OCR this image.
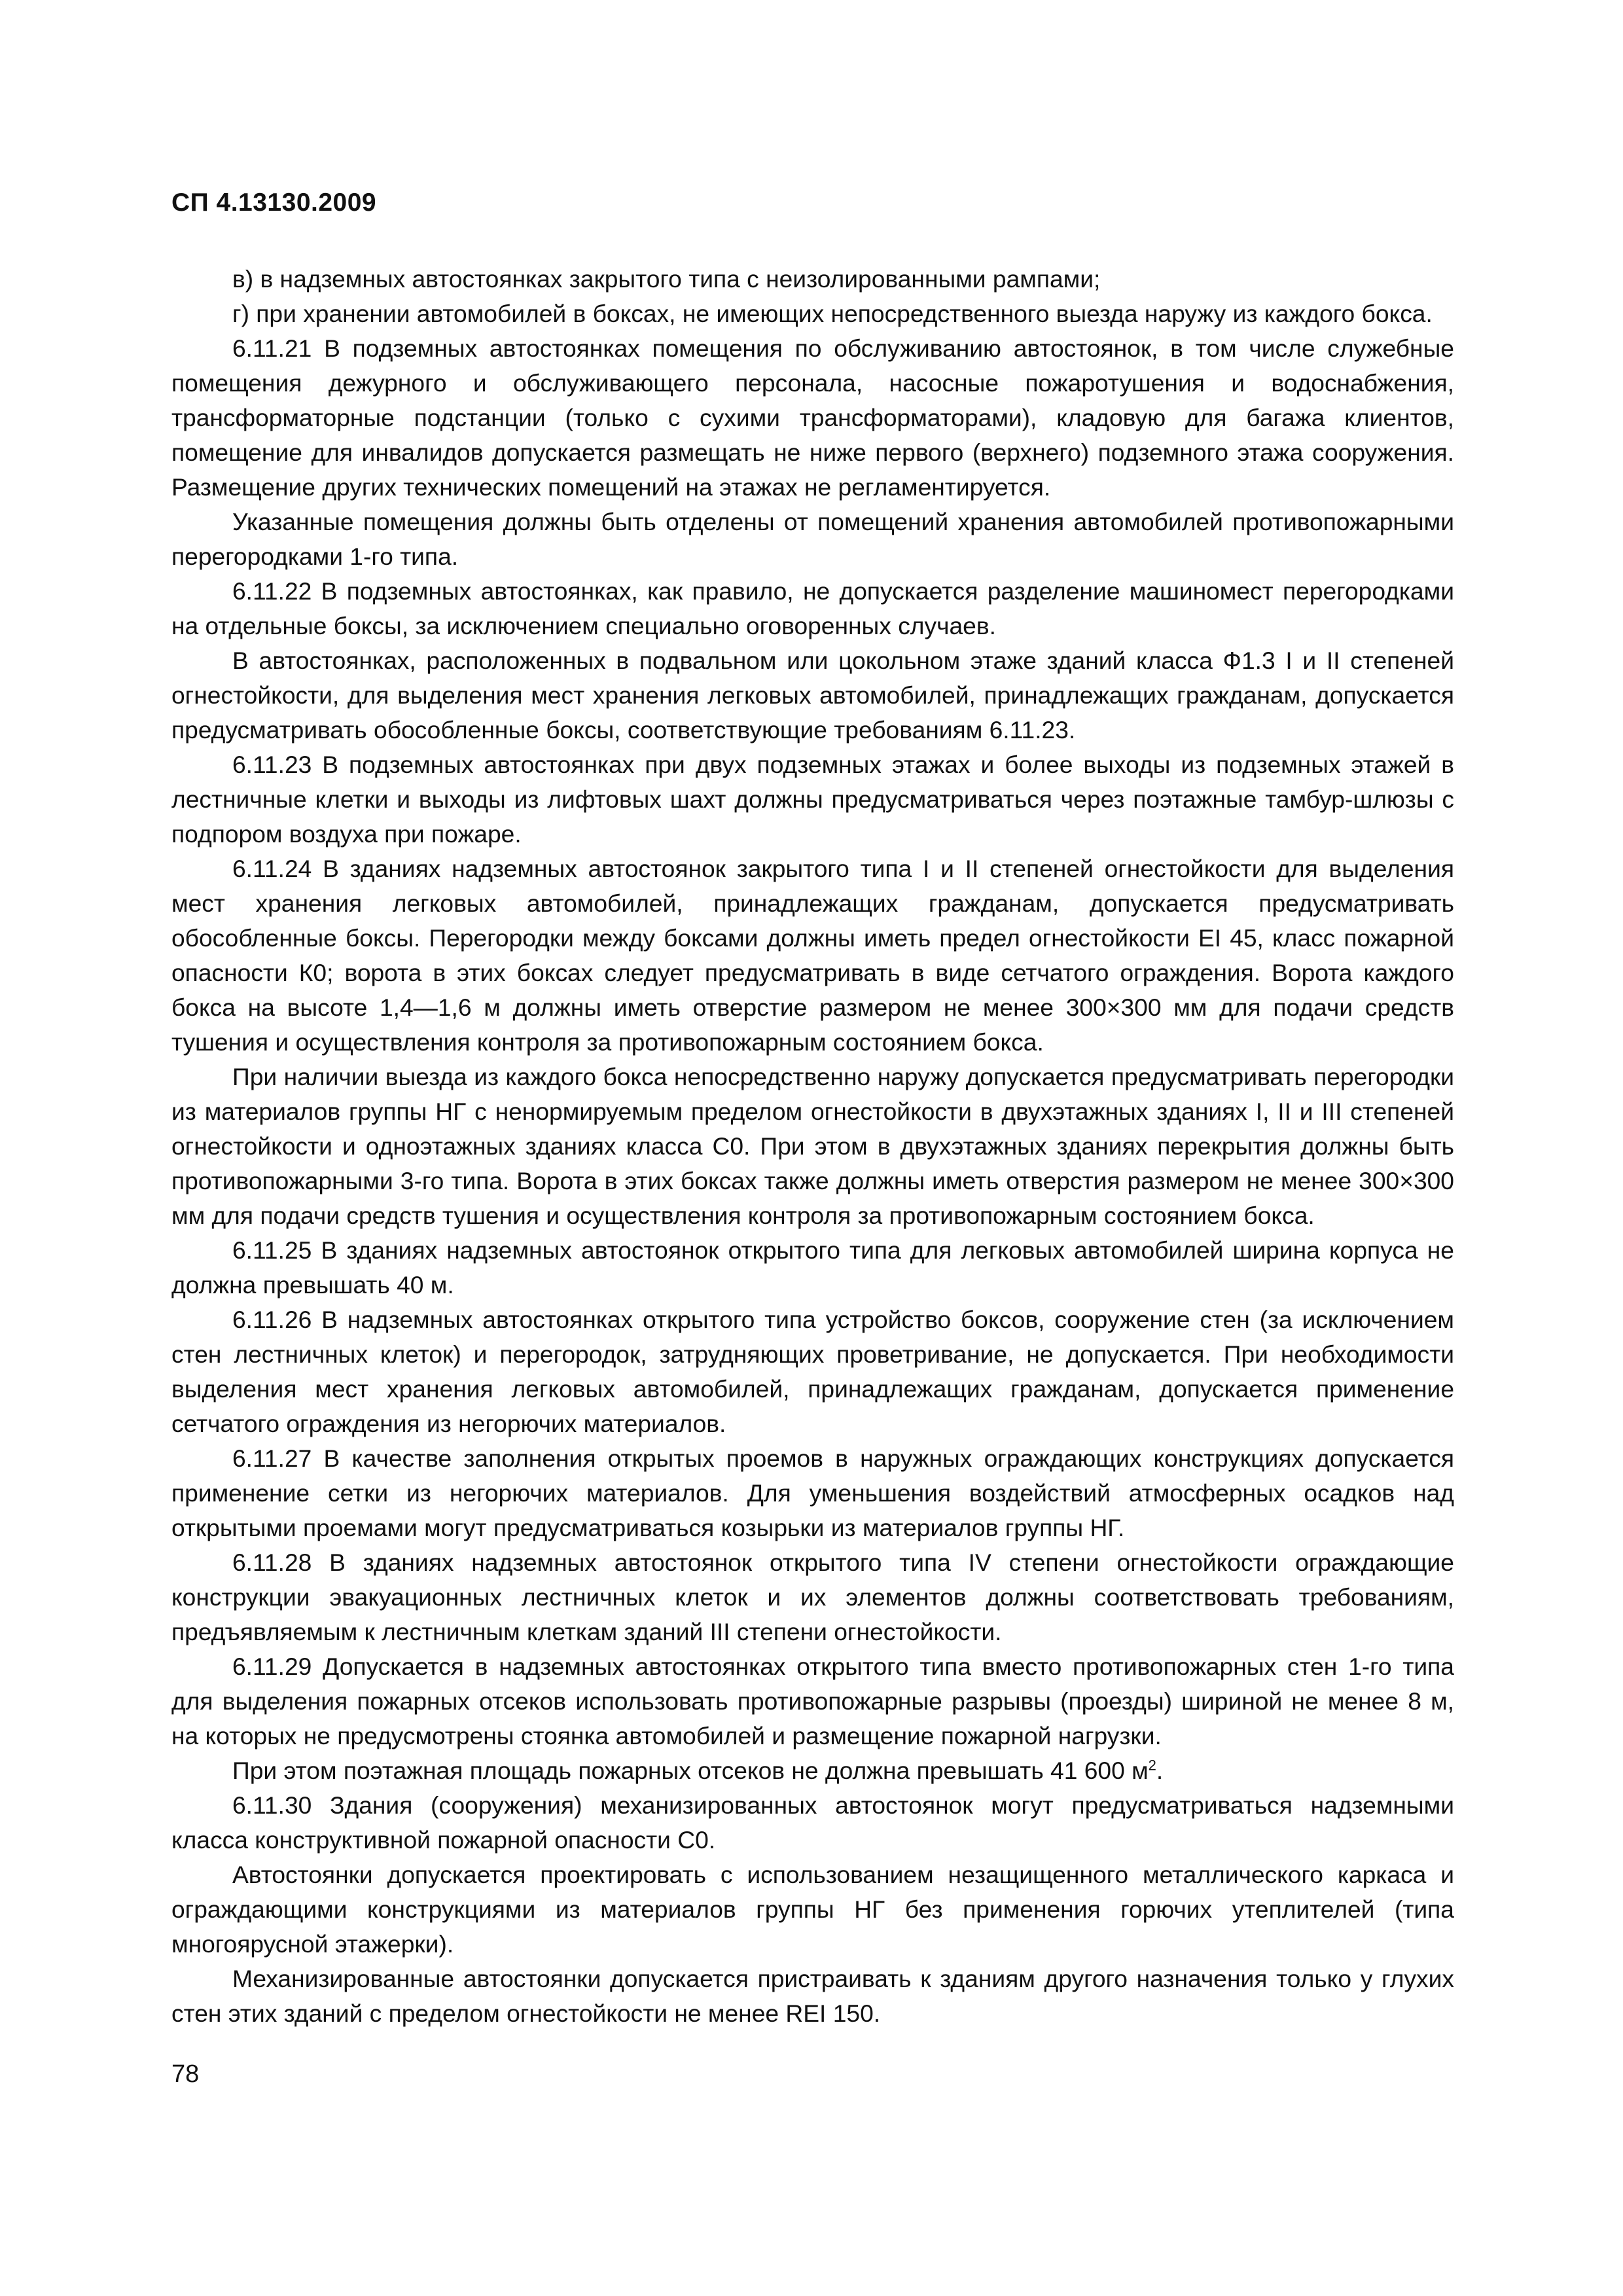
СП 4.13130.2009

в) в надземных автостоянках закрытого типа с неизолированными рампами;

г) при хранении автомобилей в боксах, не имеющих непосредственного выезда наружу из каждого бокса.

6.11.21 В подземных автостоянках помещения по обслуживанию автостоянок, в том числе служебные помещения дежурного и обслуживающего персонала, насосные пожаротушения и водоснабжения, трансформаторные подстанции (только с сухими трансформаторами), кладовую для багажа клиентов, помещение для инвалидов допускается размещать не ниже первого (верхнего) подземного этажа сооружения. Размещение других технических помещений на этажах не регламентируется.

Указанные помещения должны быть отделены от помещений хранения автомобилей противопожарными перегородками 1-го типа.

6.11.22 В подземных автостоянках, как правило, не допускается разделение машиномест перегородками на отдельные боксы, за исключением специально оговоренных случаев.

В автостоянках, расположенных в подвальном или цокольном этаже зданий класса Ф1.3 I и II степеней огнестойкости, для выделения мест хранения легковых автомобилей, принадлежащих гражданам, допускается предусматривать обособленные боксы, соответствующие требованиям 6.11.23.

6.11.23 В подземных автостоянках при двух подземных этажах и более выходы из подземных этажей в лестничные клетки и выходы из лифтовых шахт должны предусматриваться через поэтажные тамбур-шлюзы с подпором воздуха при пожаре.

6.11.24 В зданиях надземных автостоянок закрытого типа I и II степеней огнестойкости для выделения мест хранения легковых автомобилей, принадлежащих гражданам, допускается предусматривать обособленные боксы. Перегородки между боксами должны иметь предел огнестойкости EI 45, класс пожарной опасности К0; ворота в этих боксах следует предусматривать в виде сетчатого ограждения. Ворота каждого бокса на высоте 1,4—1,6 м должны иметь отверстие размером не менее 300×300 мм для подачи средств тушения и осуществления контроля за противопожарным состоянием бокса.

При наличии выезда из каждого бокса непосредственно наружу допускается предусматривать перегородки из материалов группы НГ с ненормируемым пределом огнестойкости в двухэтажных зданиях I, II и III степеней огнестойкости и одноэтажных зданиях класса С0. При этом в двухэтажных зданиях перекрытия должны быть противопожарными 3-го типа. Ворота в этих боксах также должны иметь отверстия размером не менее 300×300 мм для подачи средств тушения и осуществления контроля за противопожарным состоянием бокса.

6.11.25 В зданиях надземных автостоянок открытого типа для легковых автомобилей ширина корпуса не должна превышать 40 м.

6.11.26 В надземных автостоянках открытого типа устройство боксов, сооружение стен (за исключением стен лестничных клеток) и перегородок, затрудняющих проветривание, не допускается. При необходимости выделения мест хранения легковых автомобилей, принадлежащих гражданам, допускается применение сетчатого ограждения из негорючих материалов.

6.11.27 В качестве заполнения открытых проемов в наружных ограждающих конструкциях допускается применение сетки из негорючих материалов. Для уменьшения воздействий атмосферных осадков над открытыми проемами могут предусматриваться козырьки из материалов группы НГ.

6.11.28 В зданиях надземных автостоянок открытого типа IV степени огнестойкости ограждающие конструкции эвакуационных лестничных клеток и их элементов должны соответствовать требованиям, предъявляемым к лестничным клеткам зданий III степени огнестойкости.

6.11.29 Допускается в надземных автостоянках открытого типа вместо противопожарных стен 1-го типа для выделения пожарных отсеков использовать противопожарные разрывы (проезды) шириной не менее 8 м, на которых не предусмотрены стоянка автомобилей и размещение пожарной нагрузки.

При этом поэтажная площадь пожарных отсеков не должна превышать 41 600 $м^2$.

6.11.30 Здания (сооружения) механизированных автостоянок могут предусматриваться надземными класса конструктивной пожарной опасности С0.

Автостоянки допускается проектировать с использованием незащищенного металлического каркаса и ограждающими конструкциями из материалов группы НГ без применения горючих утеплителей (типа многоярусной этажерки).

Механизированные автостоянки допускается пристраивать к зданиям другого назначения только у глухих стен этих зданий с пределом огнестойкости не менее REI 150.

78
